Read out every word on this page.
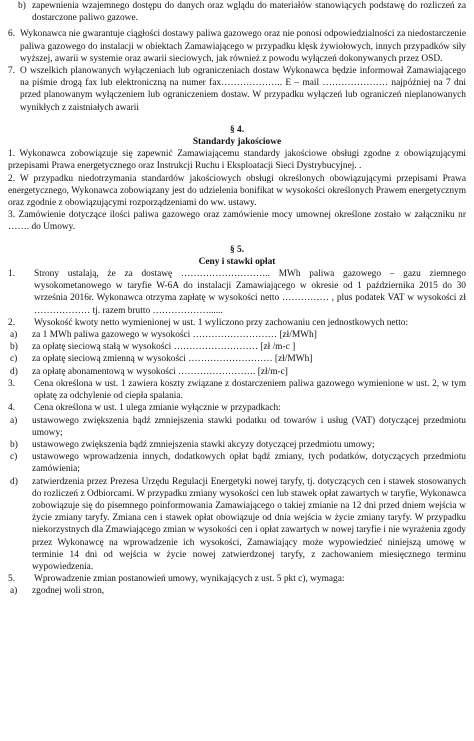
b) zapewnienia wzajemnego dostępu do danych oraz wglądu do materiałów stanowiących podstawę do rozliczeń za dostarczone paliwo gazowe.
6. Wykonawca nie gwarantuje ciągłości dostawy paliwa gazowego oraz nie ponosi odpowiedzialności za niedostarczenie paliwa gazowego do instalacji w obiektach Zamawiającego w przypadku klęsk żywiołowych, innych przypadków siły wyższej, awarii w systemie oraz awarii sieciowych, jak również z powodu wyłączeń dokonywanych przez OSD.
7. O wszelkich planowanych wyłączeniach lub ograniczeniach dostaw Wykonawca będzie informował Zamawiającego na piśmie drogą fax lub elektroniczną na numer fax……………….. E – mail ………………… najpóźniej na 7 dni przed planowanym wyłączeniem lub ograniczeniem dostaw. W przypadku wyłączeń lub ograniczeń nieplanowanych wynikłych z zaistniałych awarii

§ 4.

Standardy jakościowe

1. Wykonawca zobowiązuje się zapewnić Zamawiającemu standardy jakościowe obsługi zgodne z obowiązującymi przepisami Prawa energetycznego oraz Instrukcji Ruchu i Eksploatacji Sieci Dystrybucyjnej. .

2. W przypadku niedotrzymania standardów jakościowych obsługi określonych obowiązującymi przepisami Prawa energetycznego, Wykonawca zobowiązany jest do udzielenia bonifikat w wysokości określonych Prawem energetycznym oraz zgodnie z obowiązującymi rozporządzeniami do ww. ustawy.

3. Zamówienie dotyczące ilości paliwa gazowego oraz zamówienie mocy umownej określone zostało w załączniku nr ……. do Umowy.

§ 5.

Ceny i stawki opłat

1.	Strony ustalają, że za dostawę ……………………….. MWh paliwa gazowego – gazu ziemnego wysokometanowego w taryfie W-6A do instalacji Zamawiającego w okresie od 1 października 2015 do 30 września 2016r. Wykonawca otrzyma zapłatę w wysokości netto …………… , plus podatek VAT w wysokości zł ……………… tj. razem brutto ………………......
2.	Wysokość kwoty netto wymienionej w ust. 1 wyliczono przy zachowaniu cen jednostkowych netto:
a)	za 1 MWh paliwa gazowego w wysokości ……………………… [zł/MWh]
b)	za opłatę sieciową stałą w wysokości ……………………… [zł /m-c ]
c)	za opłatę sieciową zmienną w wysokości ……………………… [zł/MWh]
d)	za opłatę abonamentową w wysokości ……………………. [zł/m-c]
3.	Cena określona w ust. 1 zawiera koszty związane z dostarczeniem paliwa gazowego wymienione w ust. 2, w tym opłatę za odchylenie od ciepła spalania.
4.	Cena określona w ust. 1 ulega zmianie wyłącznie w przypadkach:
a)	ustawowego zwiększenia bądź zmniejszenia stawki podatku od towarów i usług (VAT) dotyczącej przedmiotu umowy;
b)	ustawowego zwiększenia bądź zmniejszenia stawki akcyzy dotyczącej przedmiotu umowy;
c)	ustawowego wprowadzenia innych, dodatkowych opłat bądź zmiany, tych podatków, dotyczących przedmiotu zamówienia;
d)	zatwierdzenia przez Prezesa Urzędu Regulacji Energetyki nowej taryfy, tj. dotyczących cen i stawek stosowanych do rozliczeń z Odbiorcami. W przypadku zmiany wysokości cen lub stawek opłat zawartych w taryfie, Wykonawca zobowiązuje się do pisemnego poinformowania Zamawiającego o takiej zmianie na 12 dni przed dniem wejścia w życie zmiany taryfy. Zmiana cen i stawek opłat obowiązuje od dnia wejścia w życie zmiany taryfy. W przypadku niekorzystnych dla Zmawiającego zmian w wysokości cen i opłat zawartych w nowej taryfie i nie wyrażenia zgody przez Wykonawcę na wprowadzenie ich wysokości, Zamawiający może wypowiedzieć niniejszą umowę w terminie 14 dni od wejścia w życie nowej zatwierdzonej taryfy, z zachowaniem miesięcznego terminu wypowiedzenia.
5.	Wprowadzenie zmian postanowień umowy, wynikających z ust. 5 pkt c), wymaga:
a)	zgodnej woli stron,
